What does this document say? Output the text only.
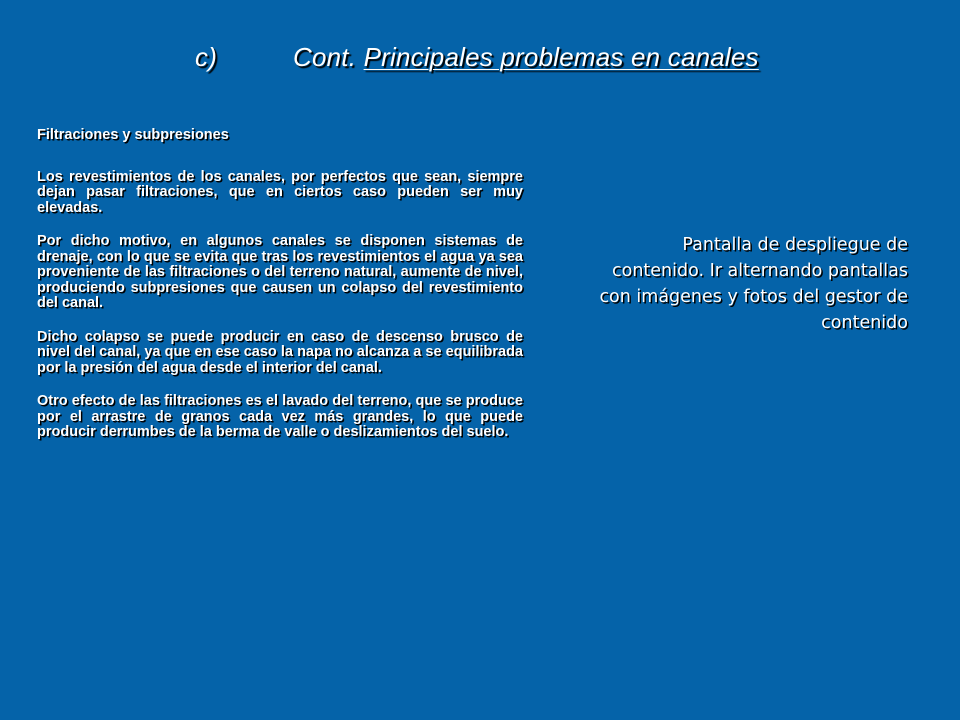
c)	Cont. Principales problemas en canales
Filtraciones y subpresiones

Los revestimientos de los canales, por perfectos que sean, siempre dejan pasar filtraciones, que en ciertos caso pueden ser muy elevadas.

Por dicho motivo, en algunos canales se disponen sistemas de drenaje, con lo que se evita que tras los revestimientos el agua ya sea proveniente de las filtraciones o del terreno natural, aumente de nivel, produciendo subpresiones que causen un colapso del revestimiento del canal.

Dicho colapso se puede producir en caso de descenso brusco de nivel del canal, ya que en ese caso la napa no alcanza a se equilibrada por la presión del agua desde el interior del canal.

Otro efecto de las filtraciones es el lavado del terreno, que se produce por el arrastre de granos cada vez más grandes, lo que puede producir derrumbes de la berma de valle o deslizamientos del suelo.

Pantalla de despliegue de contenido. Ir alternando pantallas con imágenes y fotos del gestor de contenido
